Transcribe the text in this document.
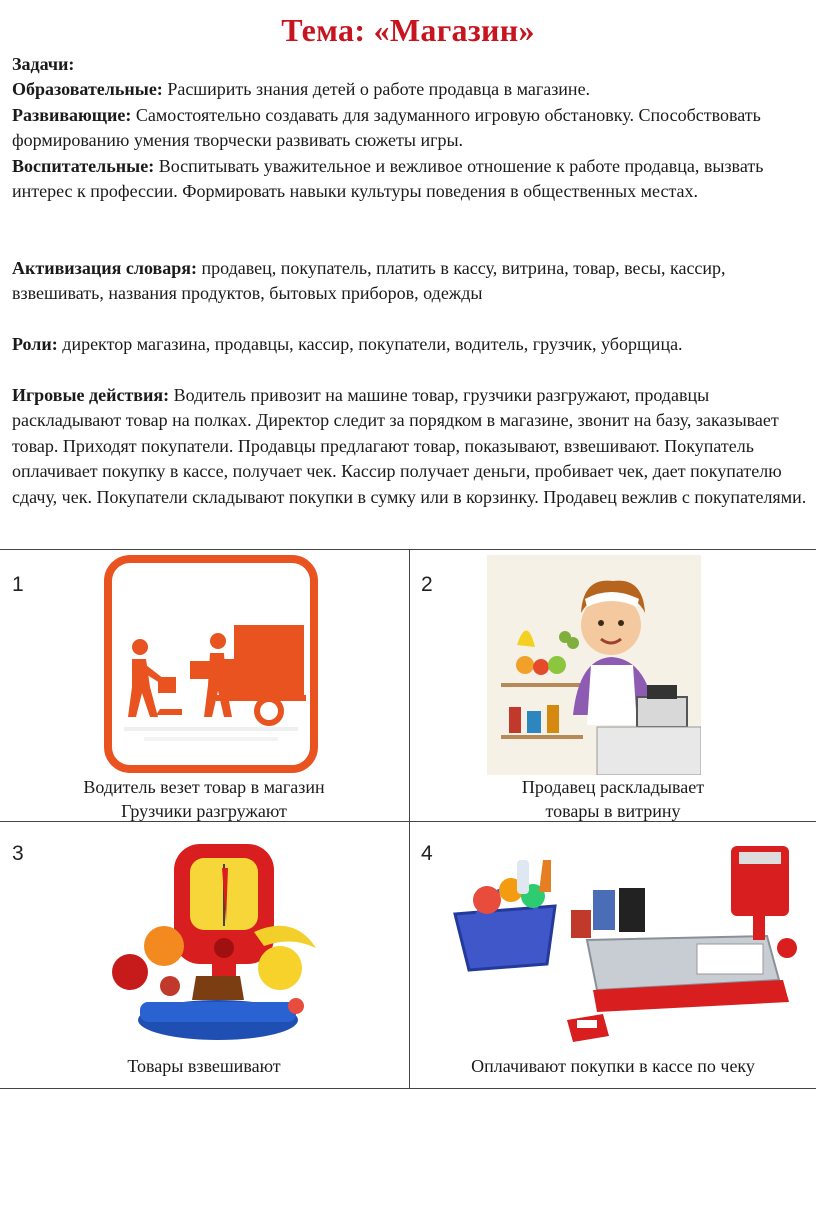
Тема: «Магазин»

Задачи:

Образовательные: Расширить знания детей о работе продавца в магазине.

Развивающие: Самостоятельно создавать для задуманного игровую обстановку. Способствовать формированию умения творчески развивать сюжеты игры.

Воспитательные: Воспитывать уважительное и вежливое отношение к работе продавца, вызвать интерес к профессии. Формировать навыки культуры поведения в общественных местах.

Активизация словаря: продавец, покупатель, платить в кассу, витрина, товар, весы, кассир, взвешивать, названия продуктов, бытовых приборов, одежды

Роли: директор магазина, продавцы, кассир, покупатели, водитель, грузчик, уборщица.

Игровые действия: Водитель привозит на машине товар, грузчики разгружают, продавцы раскладывают товар на полках. Директор следит за порядком в магазине, звонит на базу, заказывает товар. Приходят покупатели. Продавцы предлагают товар, показывают, взвешивают. Покупатель оплачивает покупку в кассе, получает чек. Кассир получает деньги, пробивает чек, дает покупателю сдачу, чек. Покупатели складывают покупки в сумку или в корзинку. Продавец вежлив с покупателями.

1
Водитель везет товар в магазин
Грузчики разгружают
2
Продавец раскладывает
товары в витрину
3
Товары взвешивают
4
Оплачивают покупки в кассе по чеку
